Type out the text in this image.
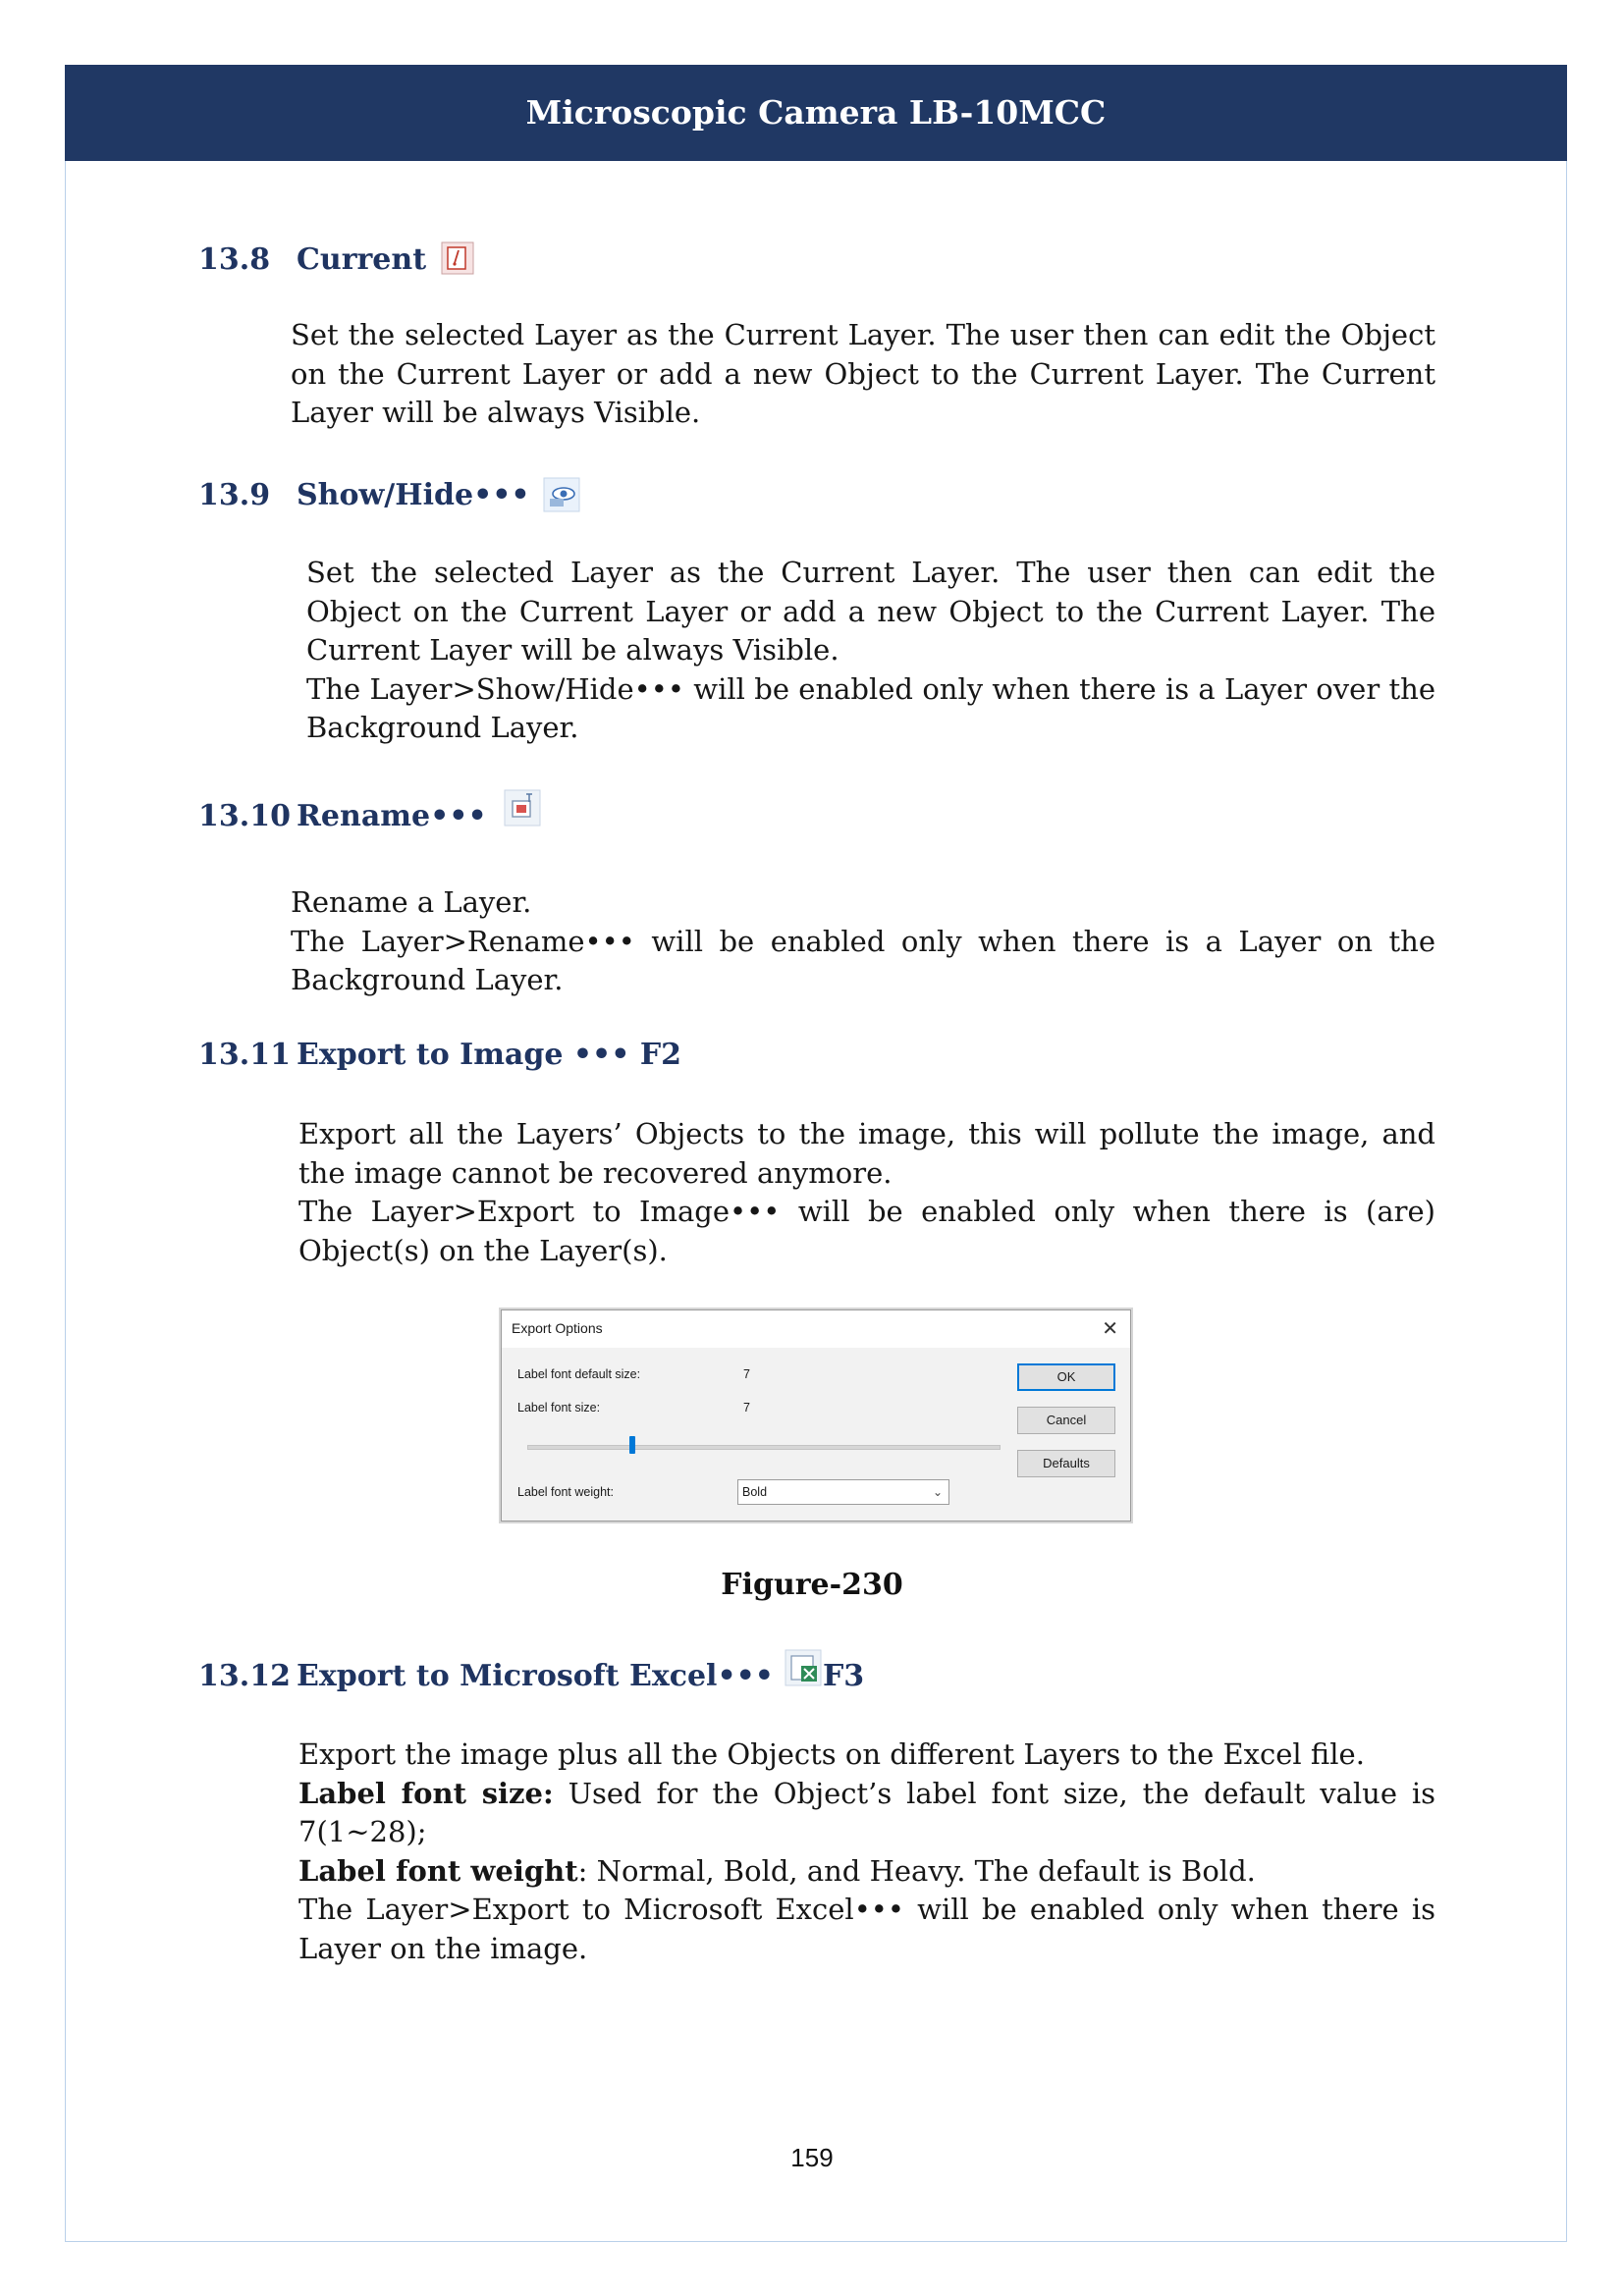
Microscopic Camera LB-10MCC
13.8 Current

Set the selected Layer as the Current Layer. The user then can edit the Object on the Current Layer or add a new Object to the Current Layer. The Current Layer will be always Visible.

13.9 Show/Hide•••

Set the selected Layer as the Current Layer. The user then can edit the Object on the Current Layer or add a new Object to the Current Layer. The Current Layer will be always Visible.

The Layer>Show/Hide••• will be enabled only when there is a Layer over the Background Layer.

13.10 Rename•••

Rename a Layer.

The Layer>Rename••• will be enabled only when there is a Layer on the Background Layer.

13.11 Export to Image ••• F2

Export all the Layers’ Objects to the image, this will pollute the image, and the image cannot be recovered anymore.

The Layer>Export to Image••• will be enabled only when there is (are) Object(s) on the Layer(s).

Export Options	✕
Label font default size:	7
Label font size:	7
Label font weight:	Bold	⌄
OK
Cancel
Defaults
Figure-230
13.12 Export to Microsoft Excel••• F3

Export the image plus all the Objects on different Layers to the Excel file.

Label font size: Used for the Object’s label font size, the default value is 7(1~28);

Label font weight: Normal, Bold, and Heavy. The default is Bold.

The Layer>Export to Microsoft Excel••• will be enabled only when there is Layer on the image.

159
